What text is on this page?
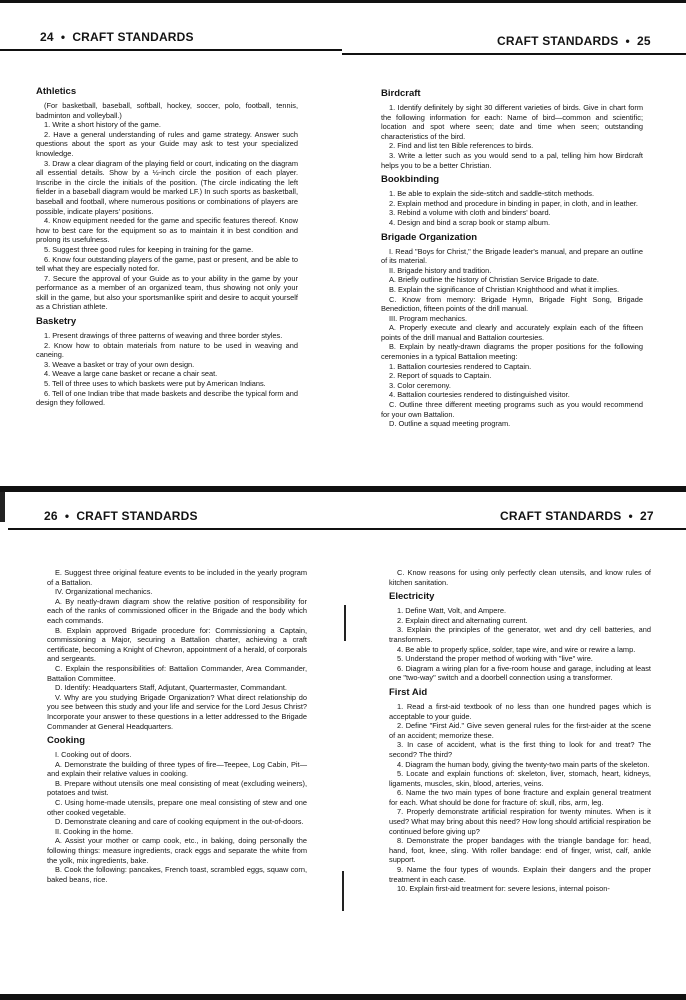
24 • CRAFT STANDARDS	CRAFT STANDARDS • 25
Athletics

(For basketball, baseball, softball, hockey, soccer, polo, football, tennis, badminton and volleyball.)

1. Write a short history of the game.

2. Have a general understanding of rules and game strategy. Answer such questions about the sport as your Guide may ask to test your specialized knowledge.

3. Draw a clear diagram of the playing field or court, indicating on the diagram all essential details. Show by a ½-inch circle the position of each player. Inscribe in the circle the initials of the position. (The circle indicating the left fielder in a baseball diagram would be marked LF.) In such sports as basketball, baseball and football, where numerous positions or combinations of players are possible, indicate players' positions.

4. Know equipment needed for the game and specific features thereof. Know how to best care for the equipment so as to maintain it in best condition and prolong its usefulness.

5. Suggest three good rules for keeping in training for the game.

6. Know four outstanding players of the game, past or present, and be able to tell what they are especially noted for.

7. Secure the approval of your Guide as to your ability in the game by your performance as a member of an organized team, thus showing not only your skill in the game, but also your sportsmanlike spirit and desire to acquit yourself as a Christian athlete.

Basketry

1. Present drawings of three patterns of weaving and three border styles.

2. Know how to obtain materials from nature to be used in weaving and caneing.

3. Weave a basket or tray of your own design.

4. Weave a large cane basket or recane a chair seat.

5. Tell of three uses to which baskets were put by American Indians.

6. Tell of one Indian tribe that made baskets and describe the typical form and design they followed.

Birdcraft

1. Identify definitely by sight 30 different varieties of birds. Give in chart form the following information for each: Name of bird—common and scientific; location and spot where seen; date and time when seen; outstanding characteristics of the bird.

2. Find and list ten Bible references to birds.

3. Write a letter such as you would send to a pal, telling him how Birdcraft helps you to be a better Christian.

Bookbinding

1. Be able to explain the side-stitch and saddle-stitch methods.

2. Explain method and procedure in binding in paper, in cloth, and in leather.

3. Rebind a volume with cloth and binders' board.

4. Design and bind a scrap book or stamp album.

Brigade Organization

I. Read "Boys for Christ," the Brigade leader's manual, and prepare an outline of its material.

II. Brigade history and tradition.

A. Briefly outline the history of Christian Service Brigade to date.

B. Explain the significance of Christian Knighthood and what it implies.

C. Know from memory: Brigade Hymn, Brigade Fight Song, Brigade Benediction, fifteen points of the drill manual.

III. Program mechanics.

A. Properly execute and clearly and accurately explain each of the fifteen points of the drill manual and Battalion courtesies.

B. Explain by neatly-drawn diagrams the proper positions for the following ceremonies in a typical Battalion meeting:

1. Battalion courtesies rendered to Captain.

2. Report of squads to Captain.

3. Color ceremony.

4. Battalion courtesies rendered to distinguished visitor.

C. Outline three different meeting programs such as you would recommend for your own Battalion.

D. Outline a squad meeting program.

26 • CRAFT STANDARDS	CRAFT STANDARDS • 27

E. Suggest three original feature events to be included in the yearly program of a Battalion.

IV. Organizational mechanics.

A. By neatly-drawn diagram show the relative position of responsibility for each of the ranks of commissioned officer in the Brigade and the body which each commands.

B. Explain approved Brigade procedure for: Commissioning a Captain, commissioning a Major, securing a Battalion charter, achieving a craft certificate, becoming a Knight of Chevron, appointment of a herald, of corporals and sergeants.

C. Explain the responsibilities of: Battalion Commander, Area Commander, Battalion Committee.

D. Identify: Headquarters Staff, Adjutant, Quartermaster, Commandant.

V. Why are you studying Brigade Organization? What direct relationship do you see between this study and your life and service for the Lord Jesus Christ? Incorporate your answer to these questions in a letter addressed to the Brigade Commander at General Headquarters.

Cooking

I. Cooking out of doors.

A. Demonstrate the building of three types of fire—Teepee, Log Cabin, Pit—and explain their relative values in cooking.

B. Prepare without utensils one meal consisting of meat (excluding weiners), potatoes and twist.

C. Using home-made utensils, prepare one meal consisting of stew and one other cooked vegetable.

D. Demonstrate cleaning and care of cooking equipment in the out-of-doors.

II. Cooking in the home.

A. Assist your mother or camp cook, etc., in baking, doing personally the following things: measure ingredients, crack eggs and separate the white from the yolk, mix ingredients, bake.

B. Cook the following: pancakes, French toast, scrambled eggs, squaw corn, baked beans, rice.

C. Know reasons for using only perfectly clean utensils, and know rules of kitchen sanitation.

Electricity

1. Define Watt, Volt, and Ampere.

2. Explain direct and alternating current.

3. Explain the principles of the generator, wet and dry cell batteries, and transformers.

4. Be able to properly splice, solder, tape wire, and wire or rewire a lamp.

5. Understand the proper method of working with "live" wire.

6. Diagram a wiring plan for a five-room house and garage, including at least one "two-way" switch and a doorbell connection using a transformer.

First Aid

1. Read a first-aid textbook of no less than one hundred pages which is acceptable to your guide.

2. Define "First Aid." Give seven general rules for the first-aider at the scene of an accident; memorize these.

3. In case of accident, what is the first thing to look for and treat? The second? The third?

4. Diagram the human body, giving the twenty-two main parts of the skeleton.

5. Locate and explain functions of: skeleton, liver, stomach, heart, kidneys, ligaments, muscles, skin, blood, arteries, veins.

6. Name the two main types of bone fracture and explain general treatment for each. What should be done for fracture of: skull, ribs, arm, leg.

7. Properly demonstrate artificial respiration for twenty minutes. When is it used? What may bring about this need? How long should artificial respiration be continued before giving up?

8. Demonstrate the proper bandages with the triangle bandage for: head, hand, foot, knee, sling. With roller bandage: end of finger, wrist, calf, ankle support.

9. Name the four types of wounds. Explain their dangers and the proper treatment in each case.

10. Explain first-aid treatment for: severe lesions, internal poison-
